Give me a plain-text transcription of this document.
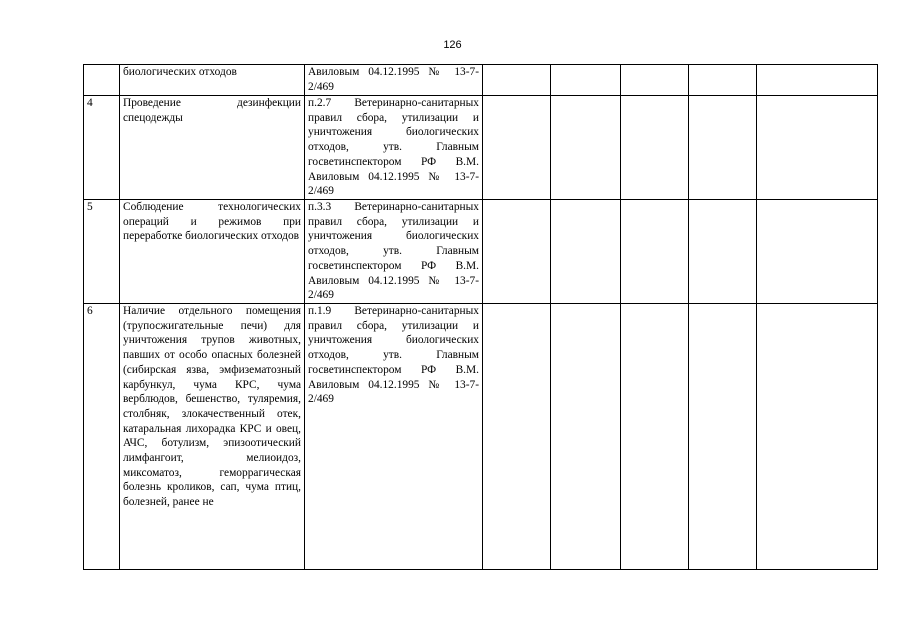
126
	биологических отходов	Авиловым 04.12.1995 № 13-7-2/469					
4	Проведение дезинфекции спецодежды	п.2.7 Ветеринарно-санитарных правил сбора, утилизации и уничтожения биологических отходов, утв. Главным госветинспектором РФ В.М. Авиловым 04.12.1995 № 13-7-2/469					
5	Соблюдение технологических операций и режимов при переработке биологических отходов	п.3.3 Ветеринарно-санитарных правил сбора, утилизации и уничтожения биологических отходов, утв. Главным госветинспектором РФ В.М. Авиловым 04.12.1995 № 13-7-2/469					
6	Наличие отдельного помещения (трупосжигательные печи) для уничтожения трупов животных, павших от особо опасных болезней (сибирская язва, эмфизематозный карбункул, чума КРС, чума верблюдов, бешенство, туляремия, столбняк, злокачественный отек, катаральная лихорадка КРС и овец, АЧС, ботулизм, эпизоотический лимфангоит, мелиоидоз, миксоматоз, геморрагическая болезнь кроликов, сап, чума птиц, болезней, ранее не	п.1.9 Ветеринарно-санитарных правил сбора, утилизации и уничтожения биологических отходов, утв. Главным госветинспектором РФ В.М. Авиловым 04.12.1995 № 13-7-2/469					
